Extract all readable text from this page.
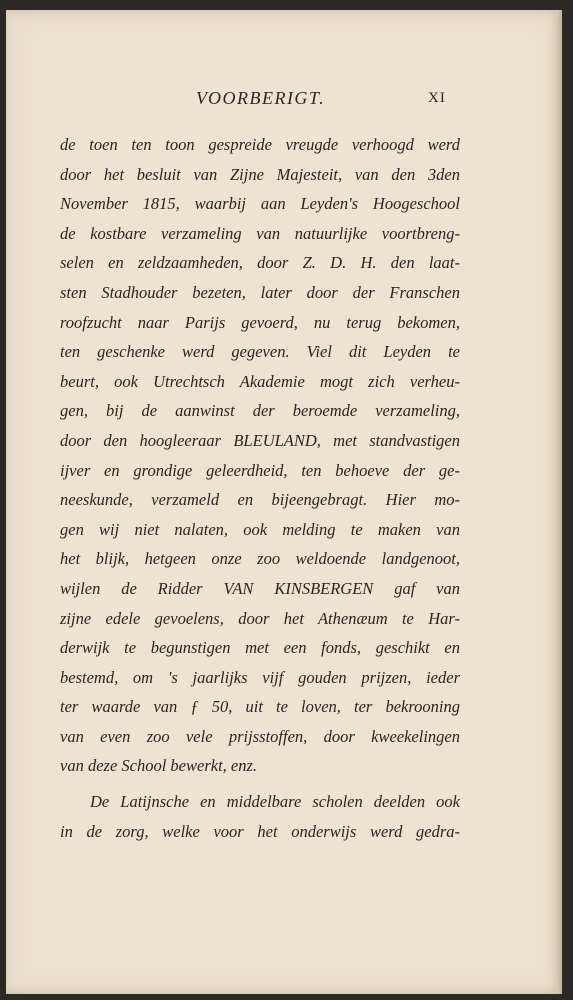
VOORBERIGT.	XI
de toen ten toon gespreide vreugde verhoogd werd
door het besluit van Zijne Majesteit, van den 3den
November 1815, waarbij aan Leyden's Hoogeschool
de kostbare verzameling van natuurlijke voortbreng-
selen en zeldzaamheden, door Z. D. H. den laat-
sten Stadhouder bezeten, later door der Franschen
roofzucht naar Parijs gevoerd, nu terug bekomen,
ten geschenke werd gegeven. Viel dit Leyden te
beurt, ook Utrechtsch Akademie mogt zich verheu-
gen, bij de aanwinst der beroemde verzameling,
door den hoogleeraar BLEULAND, met standvastigen
ijver en grondige geleerdheid, ten behoeve der ge-
neeskunde, verzameld en bijeengebragt. Hier mo-
gen wij niet nalaten, ook melding te maken van
het blijk, hetgeen onze zoo weldoende landgenoot,
wijlen de Ridder VAN KINSBERGEN gaf van
zijne edele gevoelens, door het Athenæum te Har-
derwijk te begunstigen met een fonds, geschikt en
bestemd, om 's jaarlijks vijf gouden prijzen, ieder
ter waarde van ƒ 50, uit te loven, ter bekrooning
van even zoo vele prijsstoffen, door kweekelingen
van deze School bewerkt, enz.
De Latijnsche en middelbare scholen deelden ook
in de zorg, welke voor het onderwijs werd gedra-
